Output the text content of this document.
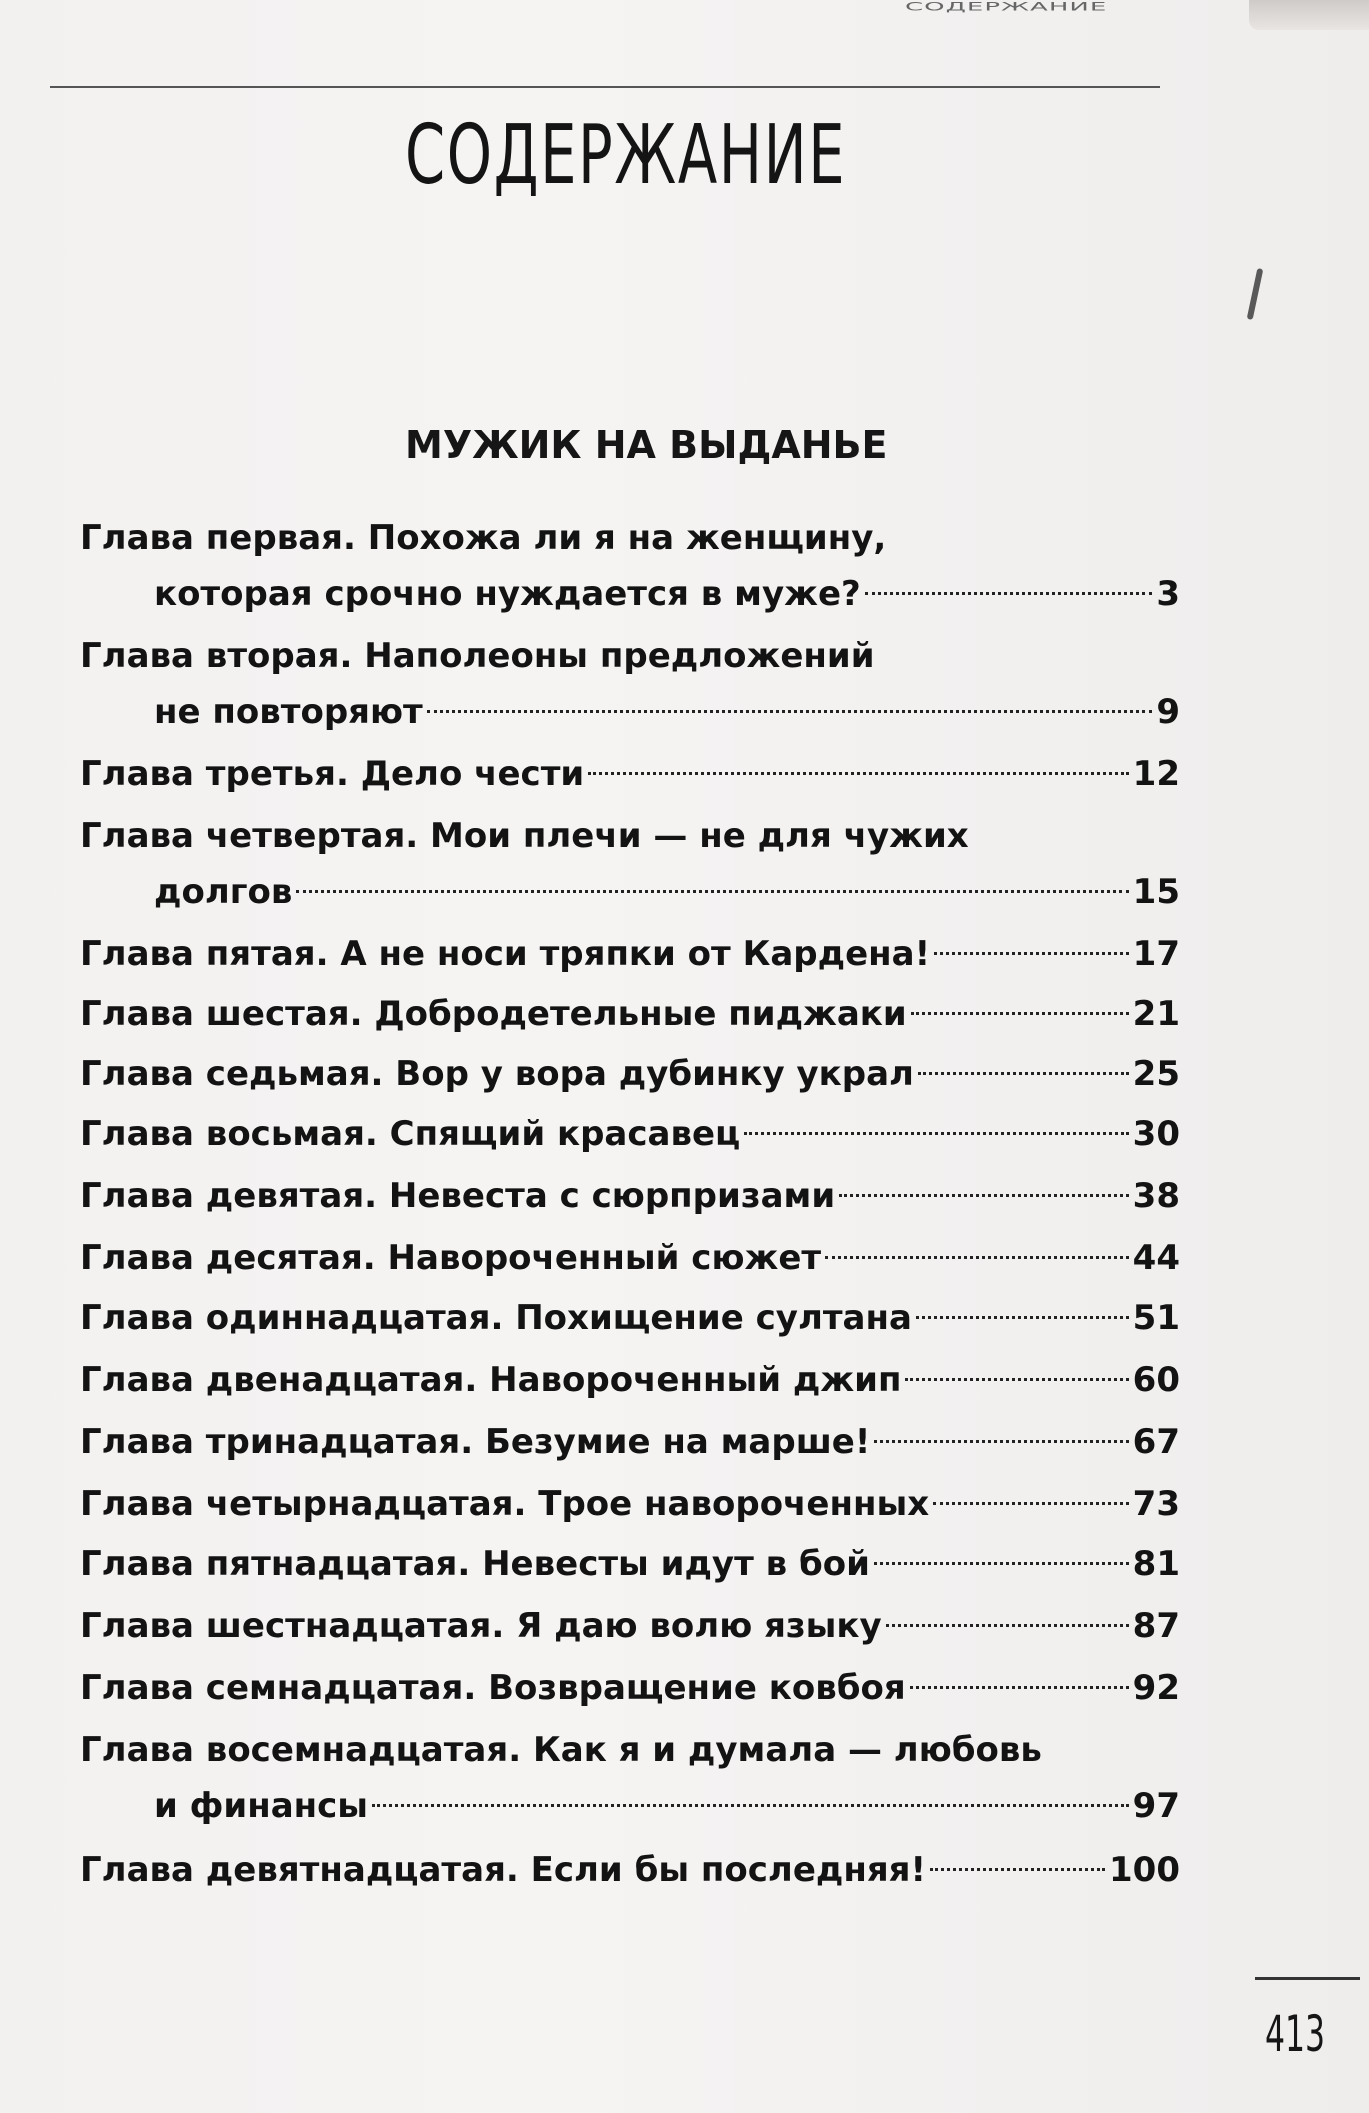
СОДЕРЖАНИЕ
СОДЕРЖАНИЕ
МУЖИК НА ВЫДАНЬЕ
Глава первая. Похожа ли я на женщину,
которая срочно нуждается в муже?	3
Глава вторая. Наполеоны предложений
не повторяют	9
Глава третья. Дело чести	12
Глава четвертая. Мои плечи — не для чужих
долгов	15
Глава пятая. А не носи тряпки от Кардена!	17
Глава шестая. Добродетельные пиджаки	21
Глава седьмая. Вор у вора дубинку украл	25
Глава восьмая. Спящий красавец	30
Глава девятая. Невеста с сюрпризами	38
Глава десятая. Навороченный сюжет	44
Глава одиннадцатая. Похищение султана	51
Глава двенадцатая. Навороченный джип	60
Глава тринадцатая. Безумие на марше!	67
Глава четырнадцатая. Трое навороченных	73
Глава пятнадцатая. Невесты идут в бой	81
Глава шестнадцатая. Я даю волю языку	87
Глава семнадцатая. Возвращение ковбоя	92
Глава восемнадцатая. Как я и думала — любовь
и финансы	97
Глава девятнадцатая. Если бы последняя!	100
413
